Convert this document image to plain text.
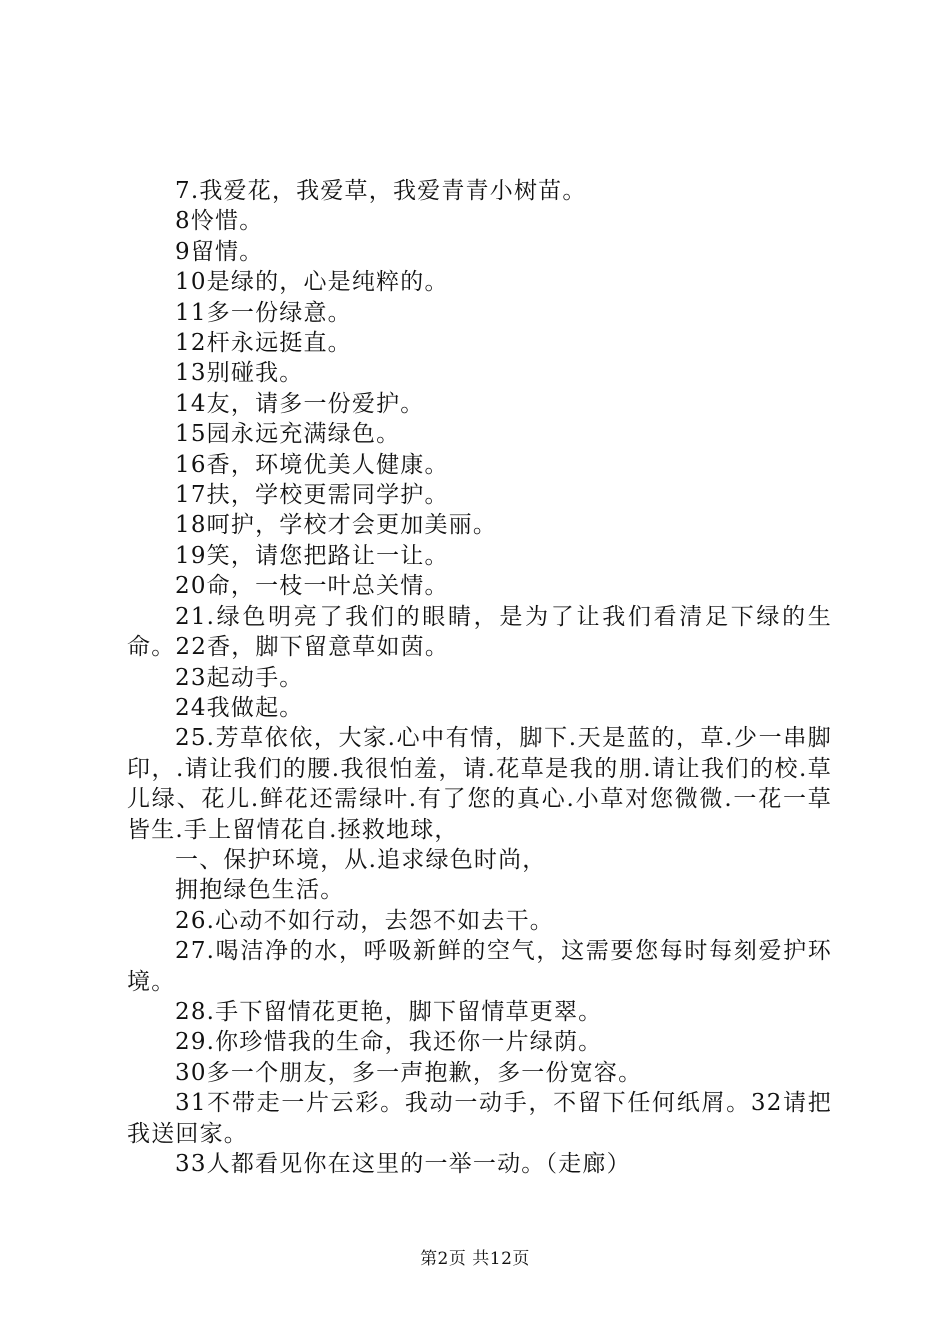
7.我爱花，我爱草，我爱青青小树苗。

8怜惜。

9留情。

10是绿的，心是纯粹的。

11多一份绿意。

12杆永远挺直。

13别碰我。

14友，请多一份爱护。

15园永远充满绿色。

16香，环境优美人健康。

17扶，学校更需同学护。

18呵护，学校才会更加美丽。

19笑，请您把路让一让。

20命，一枝一叶总关情。

21.绿色明亮了我们的眼睛，是为了让我们看清足下绿的生命。22香，脚下留意草如茵。

23起动手。

24我做起。

25.芳草依依，大家.心中有情，脚下.天是蓝的，草.少一串脚印，.请让我们的腰.我很怕羞，请.花草是我的朋.请让我们的校.草儿绿、花儿.鲜花还需绿叶.有了您的真心.小草对您微微.一花一草皆生.手上留情花自.拯救地球，

一、保护环境，从.追求绿色时尚，

拥抱绿色生活。

26.心动不如行动，去怨不如去干。

27.喝洁净的水，呼吸新鲜的空气，这需要您每时每刻爱护环境。

28.手下留情花更艳，脚下留情草更翠。

29.你珍惜我的生命，我还你一片绿荫。

30多一个朋友，多一声抱歉，多一份宽容。

31不带走一片云彩。我动一动手，不留下任何纸屑。32请把我送回家。

33人都看见你在这里的一举一动。（走廊）

第2页 共12页
